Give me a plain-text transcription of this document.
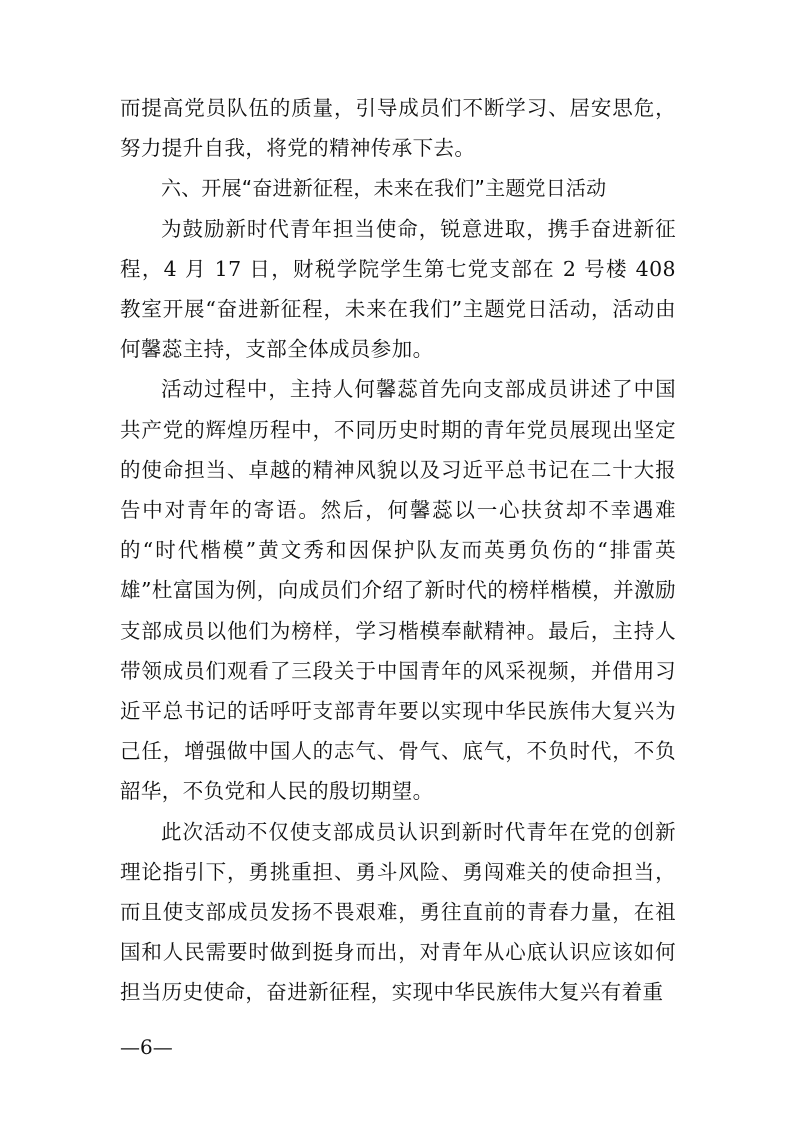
而提高党员队伍的质量，引导成员们不断学习、居安思危，努力提升自我，将党的精神传承下去。

六、开展“奋进新征程，未来在我们”主题党日活动

为鼓励新时代青年担当使命，锐意进取，携手奋进新征程，4 月 17 日，财税学院学生第七党支部在 2 号楼 408 教室开展“奋进新征程，未来在我们”主题党日活动，活动由何馨蕊主持，支部全体成员参加。

活动过程中，主持人何馨蕊首先向支部成员讲述了中国共产党的辉煌历程中，不同历史时期的青年党员展现出坚定的使命担当、卓越的精神风貌以及习近平总书记在二十大报告中对青年的寄语。然后，何馨蕊以一心扶贫却不幸遇难的“时代楷模”黄文秀和因保护队友而英勇负伤的“排雷英雄”杜富国为例，向成员们介绍了新时代的榜样楷模，并激励支部成员以他们为榜样，学习楷模奉献精神。最后，主持人带领成员们观看了三段关于中国青年的风采视频，并借用习近平总书记的话呼吁支部青年要以实现中华民族伟大复兴为己任，增强做中国人的志气、骨气、底气，不负时代，不负韶华，不负党和人民的殷切期望。

此次活动不仅使支部成员认识到新时代青年在党的创新理论指引下，勇挑重担、勇斗风险、勇闯难关的使命担当，而且使支部成员发扬不畏艰难，勇往直前的青春力量，在祖国和人民需要时做到挺身而出，对青年从心底认识应该如何担当历史使命，奋进新征程，实现中华民族伟大复兴有着重

—6—
